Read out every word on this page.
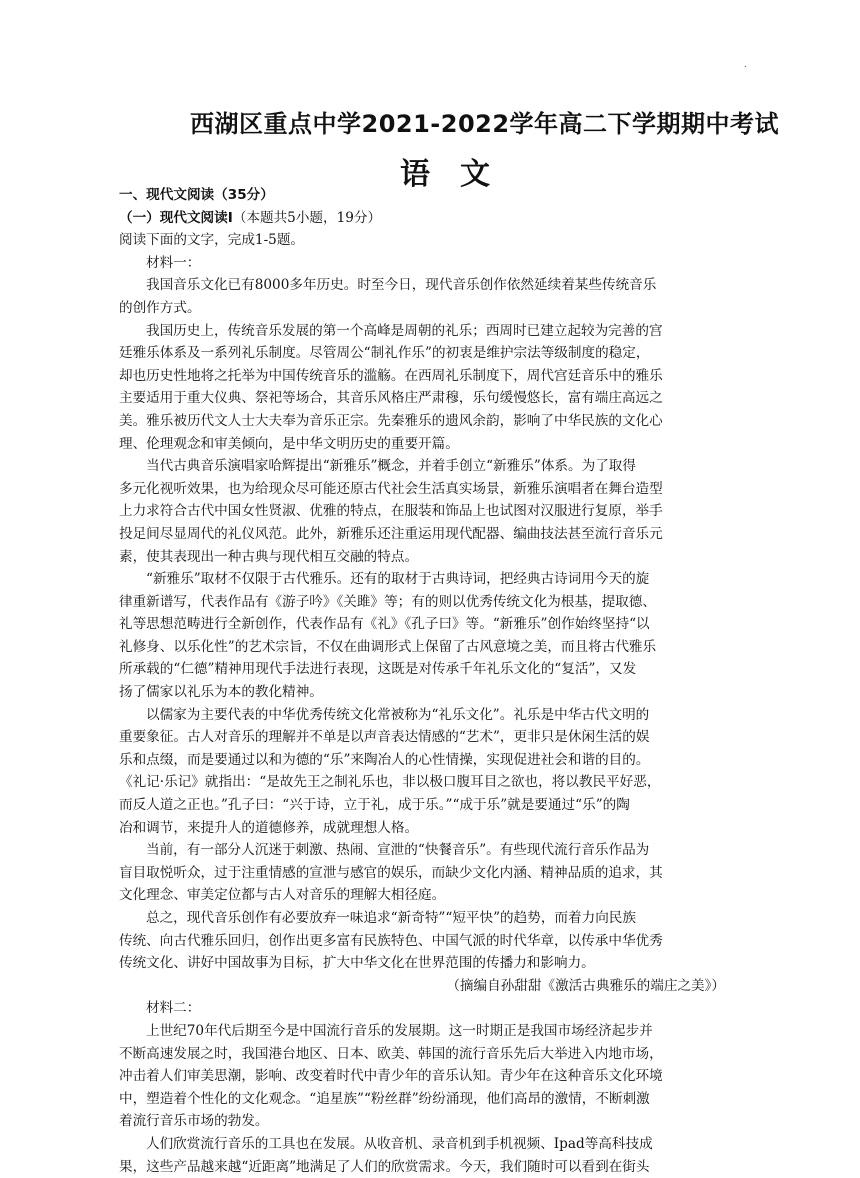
.
西湖区重点中学2021-2022学年高二下学期期中考试
语文
一、现代文阅读（35分）
（一）现代文阅读Ⅰ（本题共5小题，19分）
阅读下面的文字，完成1-5题。
材料一：
我国音乐文化已有8000多年历史。时至今日，现代音乐创作依然延续着某些传统音乐
的创作方式。
我国历史上，传统音乐发展的第一个高峰是周朝的礼乐；西周时已建立起较为完善的宫
廷雅乐体系及一系列礼乐制度。尽管周公“制礼作乐”的初衷是维护宗法等级制度的稳定，
却也历史性地将之托举为中国传统音乐的滥觞。在西周礼乐制度下，周代宫廷音乐中的雅乐
主要适用于重大仪典、祭祀等场合，其音乐风格庄严肃穆，乐句缓慢悠长，富有端庄高远之
美。雅乐被历代文人士大夫奉为音乐正宗。先秦雅乐的遗风余韵，影响了中华民族的文化心
理、伦理观念和审美倾向，是中华文明历史的重要开篇。
当代古典音乐演唱家哈辉提出“新雅乐”概念，并着手创立“新雅乐”体系。为了取得
多元化视听效果，也为给现众尽可能还原古代社会生活真实场景，新雅乐演唱者在舞台造型
上力求符合古代中国女性贤淑、优雅的特点，在服装和饰品上也试图对汉服进行复原，举手
投足间尽显周代的礼仪风范。此外，新雅乐还注重运用现代配器、编曲技法甚至流行音乐元
素，使其表现出一种古典与现代相互交融的特点。
“新雅乐”取材不仅限于古代雅乐。还有的取材于古典诗词，把经典古诗词用今天的旋
律重新谱写，代表作品有《游子吟》《关雎》等；有的则以优秀传统文化为根基，提取德、
礼等思想范畴进行全新创作，代表作品有《礼》《孔子曰》等。“新雅乐”创作始终坚持“以
礼修身、以乐化性”的艺术宗旨，不仅在曲调形式上保留了古风意境之美，而且将古代雅乐
所承载的“仁德”精神用现代手法进行表现，这既是对传承千年礼乐文化的“复活”，又发
扬了儒家以礼乐为本的教化精神。
以儒家为主要代表的中华优秀传统文化常被称为“礼乐文化”。礼乐是中华古代文明的
重要象征。古人对音乐的理解并不单是以声音表达情感的“艺术”，更非只是休闲生活的娱
乐和点缀，而是要通过以和为德的“乐”来陶冶人的心性情操，实现促进社会和谐的目的。
《礼记·乐记》就指出：“是故先王之制礼乐也，非以极口腹耳目之欲也，将以教民平好恶，
而反人道之正也。”孔子曰：“兴于诗，立于礼，成于乐。”“成于乐”就是要通过“乐”的陶
冶和调节，来提升人的道德修养，成就理想人格。
当前，有一部分人沉迷于刺激、热闹、宣泄的“快餐音乐”。有些现代流行音乐作品为
盲目取悦听众，过于注重情感的宣泄与感官的娱乐，而缺少文化内涵、精神品质的追求，其
文化理念、审美定位都与古人对音乐的理解大相径庭。
总之，现代音乐创作有必要放弃一味追求“新奇特”“短平快”的趋势，而着力向民族
传统、向古代雅乐回归，创作出更多富有民族特色、中国气派的时代华章，以传承中华优秀
传统文化、讲好中国故事为目标，扩大中华文化在世界范围的传播力和影响力。
（摘编自孙甜甜《激活古典雅乐的端庄之美》）
材料二：
上世纪70年代后期至今是中国流行音乐的发展期。这一时期正是我国市场经济起步并
不断高速发展之时，我国港台地区、日本、欧美、韩国的流行音乐先后大举进入内地市场，
冲击着人们审美思潮，影响、改变着时代中青少年的音乐认知。青少年在这种音乐文化环境
中，塑造着个性化的文化观念。“追星族”“粉丝群”纷纷涌现，他们高昂的激情，不断刺激
着流行音乐市场的勃发。
人们欣赏流行音乐的工具也在发展。从收音机、录音机到手机视频、Ipad等高科技成
果，这些产品越来越“近距离”地满足了人们的欣赏需求。今天，我们随时可以看到在街头
